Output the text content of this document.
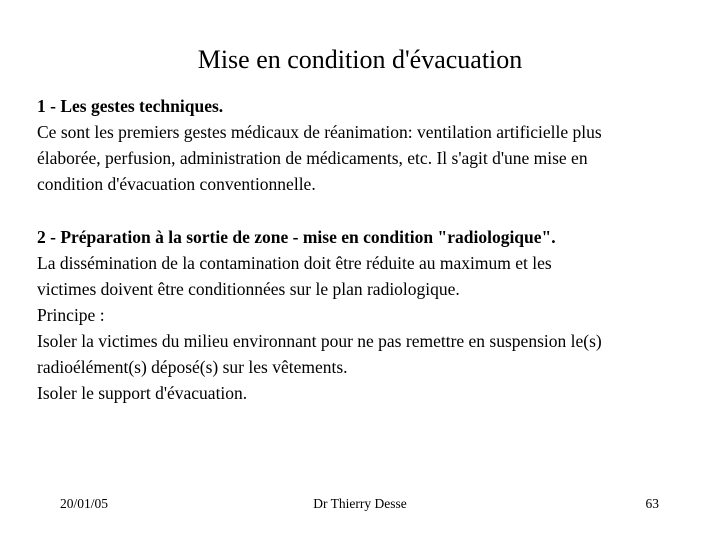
Mise en condition d'évacuation

1 - Les gestes techniques.

Ce sont les premiers gestes médicaux de réanimation: ventilation artificielle plus

élaborée, perfusion, administration de médicaments, etc. Il s'agit d'une mise en

condition d'évacuation conventionnelle.

2 - Préparation à la sortie de zone - mise en condition "radiologique".

La dissémination de la contamination doit être réduite au maximum et les

victimes doivent être conditionnées sur le plan radiologique.

Principe :

Isoler la victimes du milieu environnant pour ne pas remettre en suspension le(s)

radioélément(s) déposé(s) sur les vêtements.

Isoler le support d'évacuation.

20/01/05	Dr Thierry Desse	63
